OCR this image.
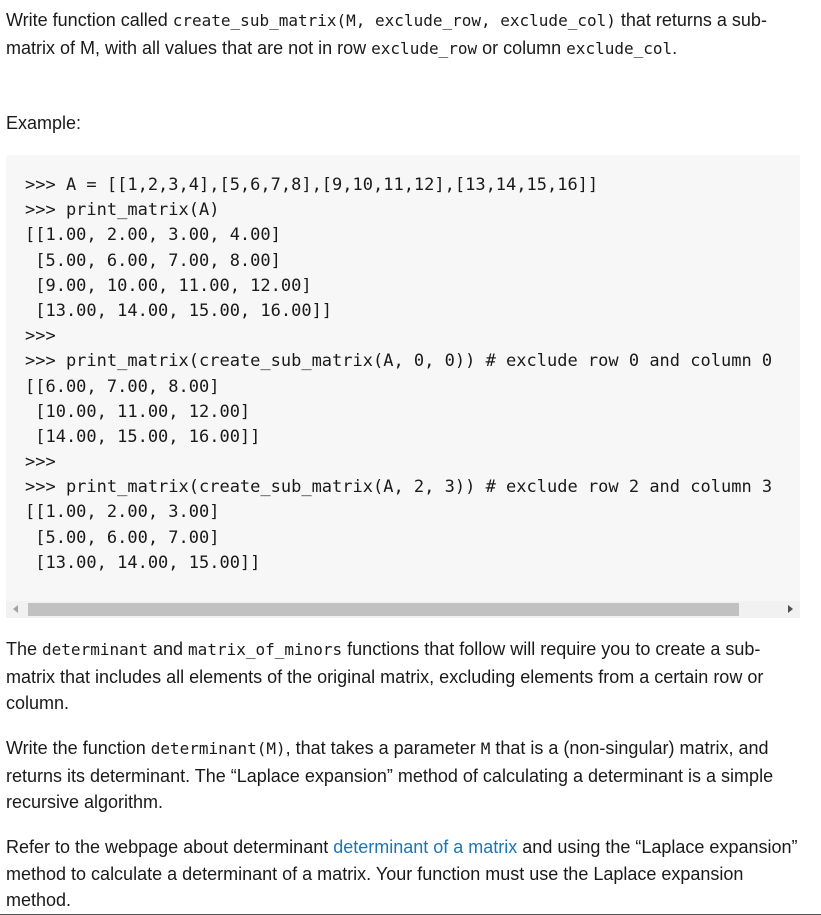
Write function called create_sub_matrix(M, exclude_row, exclude_col) that returns a sub-matrix of M, with all values that are not in row exclude_row or column exclude_col.

Example:

>>> A = [[1,2,3,4],[5,6,7,8],[9,10,11,12],[13,14,15,16]]
>>> print_matrix(A)
[[1.00, 2.00, 3.00, 4.00]
[5.00, 6.00, 7.00, 8.00]
[9.00, 10.00, 11.00, 12.00]
[13.00, 14.00, 15.00, 16.00]]
>>>
>>> print_matrix(create_sub_matrix(A, 0, 0)) # exclude row 0 and column 0
[[6.00, 7.00, 8.00]
[10.00, 11.00, 12.00]
[14.00, 15.00, 16.00]]
>>>
>>> print_matrix(create_sub_matrix(A, 2, 3)) # exclude row 2 and column 3
[[1.00, 2.00, 3.00]
[5.00, 6.00, 7.00]
[13.00, 14.00, 15.00]]

The determinant and matrix_of_minors functions that follow will require you to create a sub-matrix that includes all elements of the original matrix, excluding elements from a certain row or column.

Write the function determinant(M), that takes a parameter M that is a (non-singular) matrix, and returns its determinant. The “Laplace expansion” method of calculating a determinant is a simple recursive algorithm.

Refer to the webpage about determinant determinant of a matrix and using the “Laplace expansion” method to calculate a determinant of a matrix. Your function must use the Laplace expansion method.
